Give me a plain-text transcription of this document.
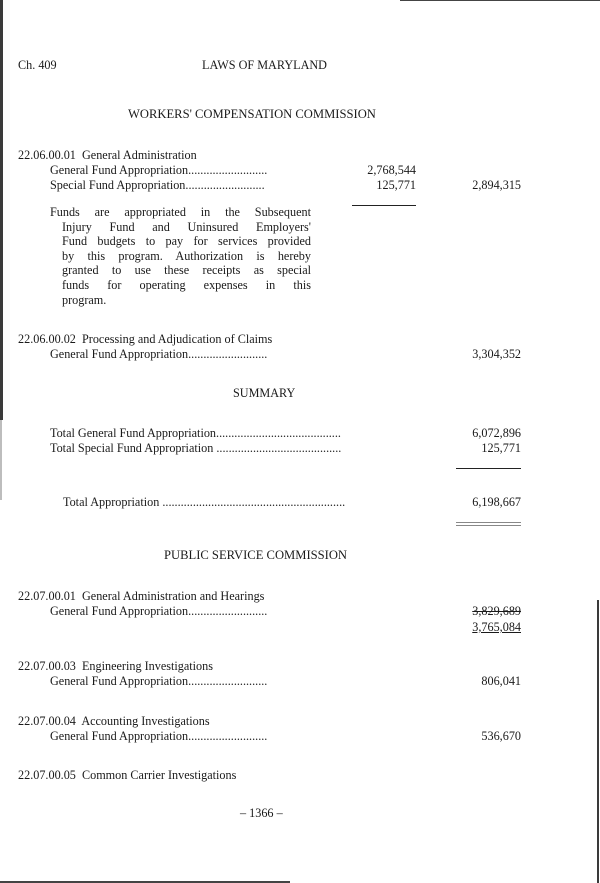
Ch. 409	LAWS OF MARYLAND
WORKERS' COMPENSATION COMMISSION
22.06.00.01 General Administration
General Fund Appropriation..........................	2,768,544
Special Fund Appropriation..........................	125,771	2,894,315
Funds are appropriated in the Subsequent
Injury Fund and Uninsured Employers'
Fund budgets to pay for services provided
by this program. Authorization is hereby
granted to use these receipts as special
funds for operating expenses in this
program.
22.06.00.02 Processing and Adjudication of Claims
General Fund Appropriation..........................	3,304,352
SUMMARY
Total General Fund Appropriation.........................................	6,072,896
Total Special Fund Appropriation .........................................	125,771
Total Appropriation ............................................................	6,198,667
PUBLIC SERVICE COMMISSION
22.07.00.01 General Administration and Hearings
General Fund Appropriation..........................	3,829,689
3,765,084
22.07.00.03 Engineering Investigations
General Fund Appropriation..........................	806,041
22.07.00.04 Accounting Investigations
General Fund Appropriation..........................	536,670
22.07.00.05 Common Carrier Investigations
– 1366 –
